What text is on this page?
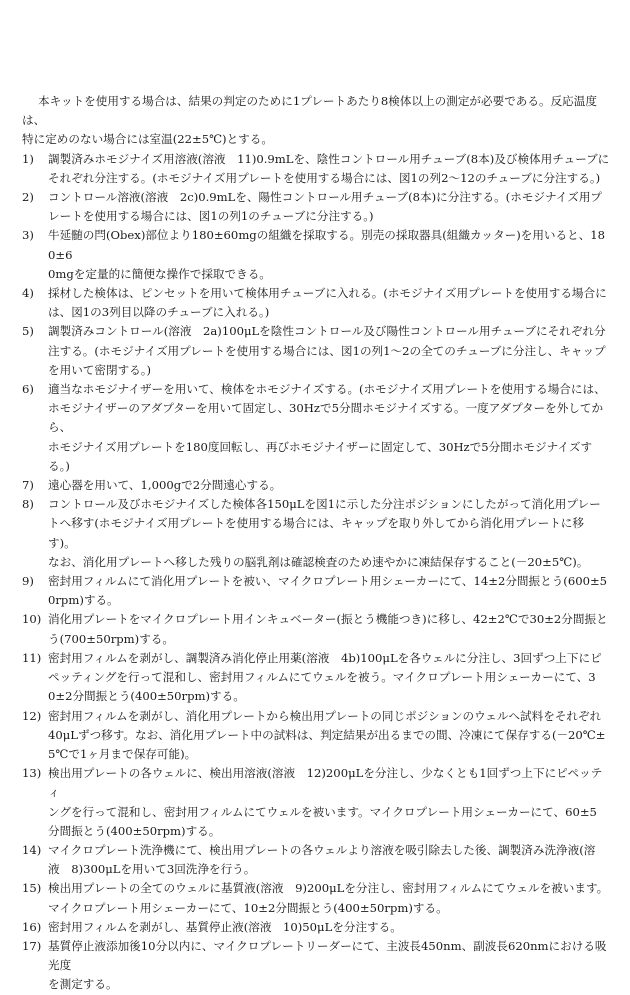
本キットを使用する場合は、結果の判定のために1プレートあたり8検体以上の測定が必要である。反応温度は、
特に定めのない場合には室温(22±5℃)とする。
1)	調製済みホモジナイズ用溶液(溶液　11)0.9mLを、陰性コントロール用チューブ(8本)及び検体用チューブに
それぞれ分注する。(ホモジナイズ用プレートを使用する場合には、図1の列2～12のチューブに分注する。)
2)	コントロール溶液(溶液　2c)0.9mLを、陽性コントロール用チューブ(8本)に分注する。(ホモジナイズ用プ
レートを使用する場合には、図1の列1のチューブに分注する。)
3)	牛延髄の閂(Obex)部位より180±60mgの組織を採取する。別売の採取器具(組織カッター)を用いると、180±6
0mgを定量的に簡便な操作で採取できる。
4)	採材した検体は、ピンセットを用いて検体用チューブに入れる。(ホモジナイズ用プレートを使用する場合に
は、図1の3列目以降のチューブに入れる。)
5)	調製済みコントロール(溶液　2a)100μLを陰性コントロール及び陽性コントロール用チューブにそれぞれ分
注する。(ホモジナイズ用プレートを使用する場合には、図1の列1～2の全てのチューブに分注し、キャップ
を用いて密閉する。)
6)	適当なホモジナイザーを用いて、検体をホモジナイズする。(ホモジナイズ用プレートを使用する場合には、
ホモジナイザーのアダプターを用いて固定し、30Hzで5分間ホモジナイズする。一度アダプターを外してから、
ホモジナイズ用プレートを180度回転し、再びホモジナイザーに固定して、30Hzで5分間ホモジナイズする。)
7)	遠心器を用いて、1,000gで2分間遠心する。
8)	コントロール及びホモジナイズした検体各150μLを図1に示した分注ポジションにしたがって消化用プレー
トへ移す(ホモジナイズ用プレートを使用する場合には、キャップを取り外してから消化用プレートに移す)。
なお、消化用プレートへ移した残りの脳乳剤は確認検査のため速やかに凍結保存すること(－20±5℃)。
9)	密封用フィルムにて消化用プレートを被い、マイクロプレート用シェーカーにて、14±2分間振とう(600±5
0rpm)する。
10) 消化用プレートをマイクロプレート用インキュベーター(振とう機能つき)に移し、42±2℃で30±2分間振と
う(700±50rpm)する。
11) 密封用フィルムを剥がし、調製済み消化停止用薬(溶液　4b)100μLを各ウェルに分注し、3回ずつ上下にピ
ペッティングを行って混和し、密封用フィルムにてウェルを被う。マイクロプレート用シェーカーにて、3
0±2分間振とう(400±50rpm)する。
12) 密封用フィルムを剥がし、消化用プレートから検出用プレートの同じポジションのウェルへ試料をそれぞれ
40μLずつ移す。なお、消化用プレート中の試料は、判定結果が出るまでの間、冷凍にて保存する(－20℃±
5℃で1ヶ月まで保存可能)。
13) 検出用プレートの各ウェルに、検出用溶液(溶液　12)200μLを分注し、少なくとも1回ずつ上下にピペッティ
ングを行って混和し、密封用フィルムにてウェルを被います。マイクロプレート用シェーカーにて、60±5
分間振とう(400±50rpm)する。
14) マイクロプレート洗浄機にて、検出用プレートの各ウェルより溶液を吸引除去した後、調製済み洗浄液(溶
液　8)300μLを用いて3回洗浄を行う。
15) 検出用プレートの全てのウェルに基質液(溶液　9)200μLを分注し、密封用フィルムにてウェルを被います。
マイクロプレート用シェーカーにて、10±2分間振とう(400±50rpm)する。
16) 密封用フィルムを剥がし、基質停止液(溶液　10)50μLを分注する。
17) 基質停止液添加後10分以内に、マイクロプレートリーダーにて、主波長450nm、副波長620nmにおける吸光度
を測定する。
